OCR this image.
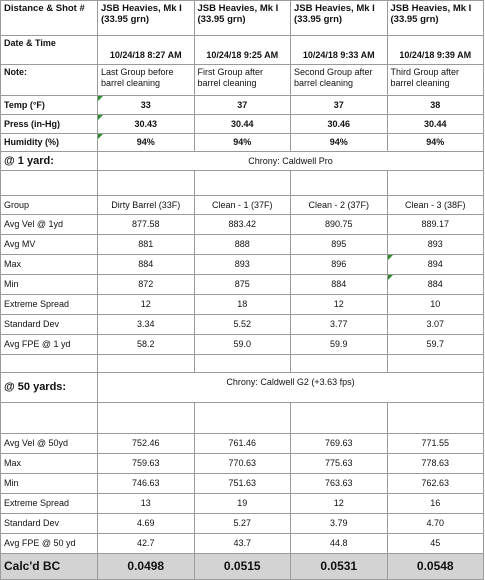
Distance & Shot #	JSB Heavies, Mk I (33.95 grn)	JSB Heavies, Mk I (33.95 grn)	JSB Heavies, Mk I (33.95 grn)	JSB Heavies, Mk I (33.95 grn)
Date & Time	10/24/18 8:27 AM	10/24/18 9:25 AM	10/24/18 9:33 AM	10/24/18 9:39 AM
Note:	Last Group before barrel cleaning	First Group after barrel cleaning	Second Group after barrel cleaning	Third Group after barrel cleaning
Temp (°F)	33	37	37	38
Press (in-Hg)	30.43	30.44	30.46	30.44
Humidity (%)	94%	94%	94%	94%
@ 1 yard:	Chrony: Caldwell Pro			

Group	Dirty Barrel (33F)	Clean - 1 (37F)	Clean - 2 (37F)	Clean - 3 (38F)
Avg Vel @ 1yd	877.58	883.42	890.75	889.17
Avg MV	881	888	895	893
Max	884	893	896	894
Min	872	875	884	884
Extreme Spread	12	18	12	10
Standard Dev	3.34	5.52	3.77	3.07
Avg FPE @ 1 yd	58.2	59.0	59.9	59.7

@ 50 yards:	Chrony: Caldwell G2 (+3.63 fps)			

Avg Vel @ 50yd	752.46	761.46	769.63	771.55
Max	759.63	770.63	775.63	778.63
Min	746.63	751.63	763.63	762.63
Extreme Spread	13	19	12	16
Standard Dev	4.69	5.27	3.79	4.70
Avg FPE @ 50 yd	42.7	43.7	44.8	45
Calc'd BC	0.0498	0.0515	0.0531	0.0548
